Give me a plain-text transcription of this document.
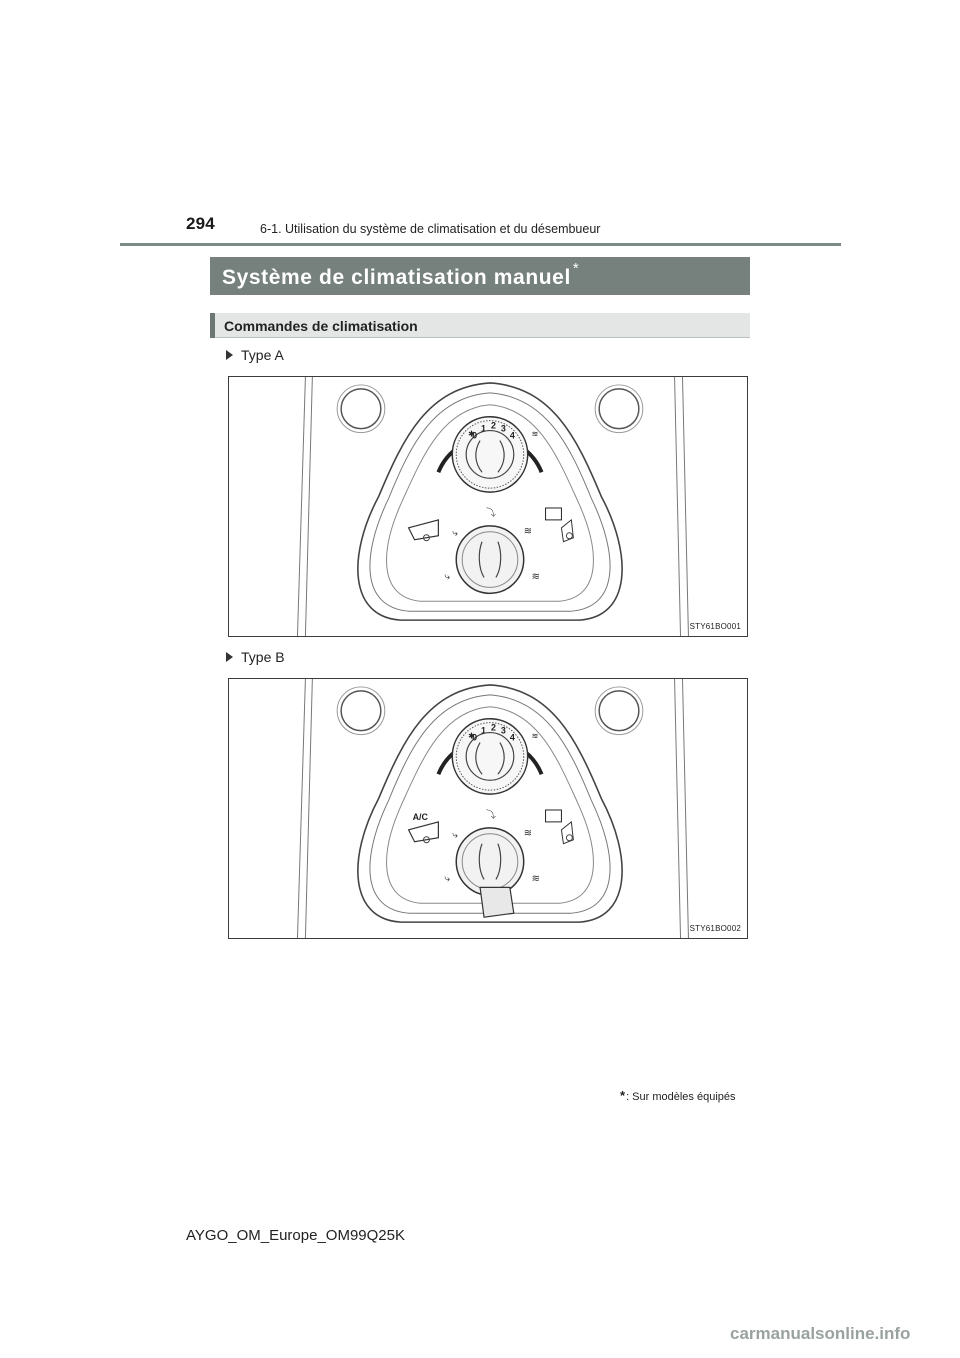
294	6-1. Utilisation du système de climatisation et du désembueur
Système de climatisation manuel *
Commandes de climatisation
Type A
0
1 2 3
4
STY61BO001
Type B
0
1 2 3
4
A/C
STY61BO002
*: Sur modèles équipés
AYGO_OM_Europe_OM99Q25K
carmanualsonline.info
